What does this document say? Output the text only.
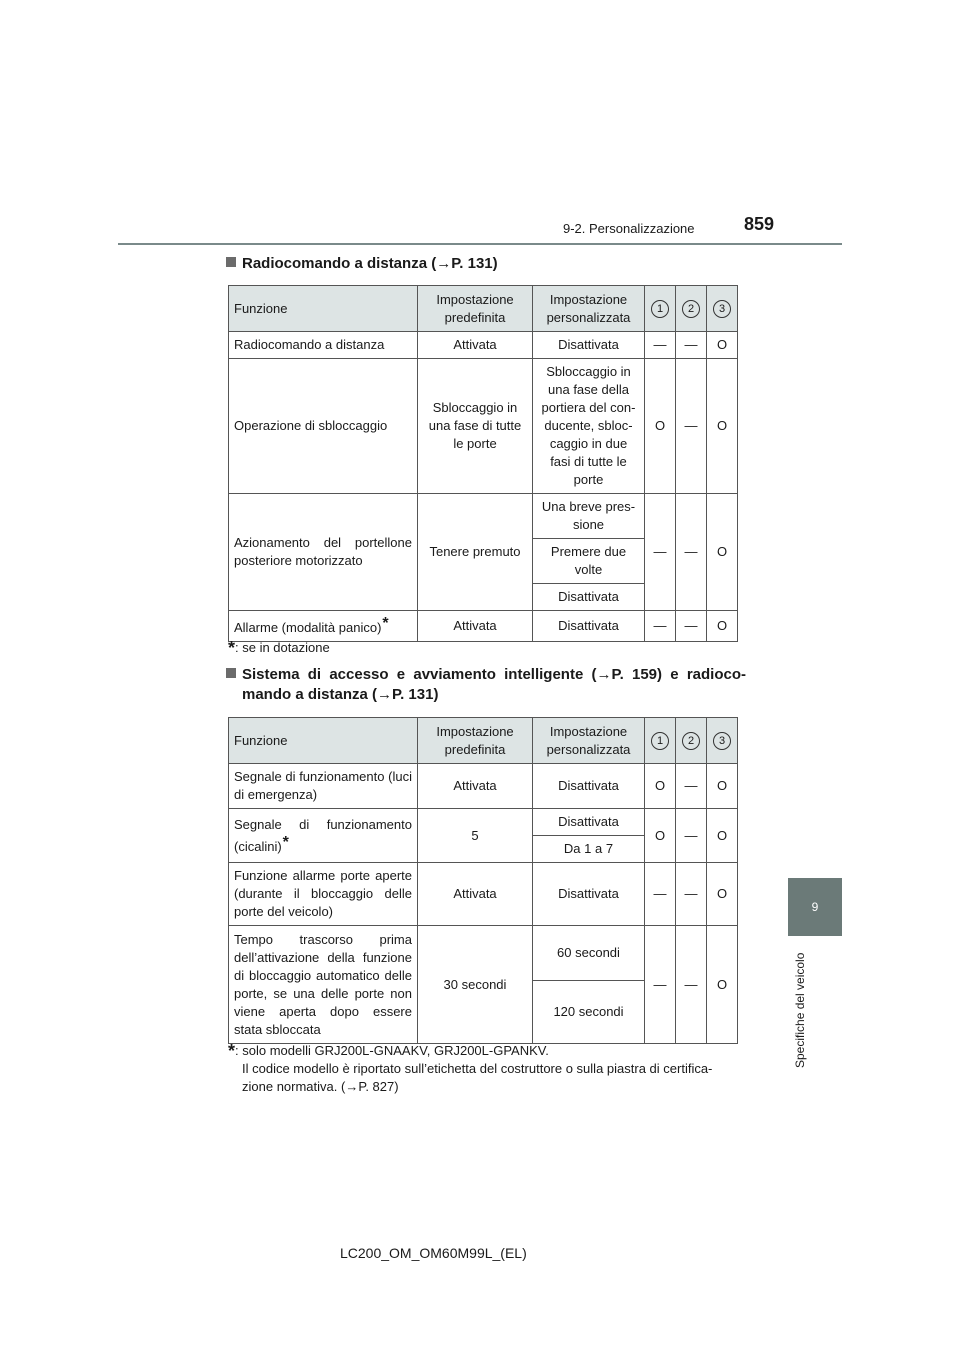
9-2. Personalizzazione	859
9
Specifiche del veicolo
Radiocomando a distanza (→P. 131)
Funzione	Impostazione predefinita	Impostazione personalizzata	1	2	3
Radiocomando a distanza	Attivata	Disattivata	—	—	O
Operazione di sbloccaggio	Sbloccaggio in una fase di tutte le porte	Sbloccaggio in una fase della portiera del con-ducente, sbloc-caggio in due fasi di tutte le porte	O	—	O
Azionamento del portellone posteriore motorizzato	Tenere premuto	Una breve pres-sione	—	—	O
		Premere due volte			
		Disattivata			
Allarme (modalità panico)*	Attivata	Disattivata	—	—	O
*: se in dotazione
Sistema di accesso e avviamento intelligente (→P. 159) e radioco-
mando a distanza (→P. 131)
Funzione	Impostazione predefinita	Impostazione personalizzata	1	2	3
Segnale di funzionamento (luci di emergenza)	Attivata	Disattivata	O	—	O
Segnale di funzionamento (cicalini)*	5	Disattivata	O	—	O
		Da 1 a 7			
Funzione allarme porte aperte (durante il bloccaggio delle porte del veicolo)	Attivata	Disattivata	—	—	O
Tempo trascorso prima dell’attivazione della funzione di bloccaggio automatico delle porte, se una delle porte non viene aperta dopo essere stata sbloccata	30 secondi	60 secondi	—	—	O
		120 secondi			
*: solo modelli GRJ200L-GNAAKV, GRJ200L-GPANKV.
Il codice modello è riportato sull’etichetta del costruttore o sulla piastra di certifica-
zione normativa. (→P. 827)
LC200_OM_OM60M99L_(EL)
